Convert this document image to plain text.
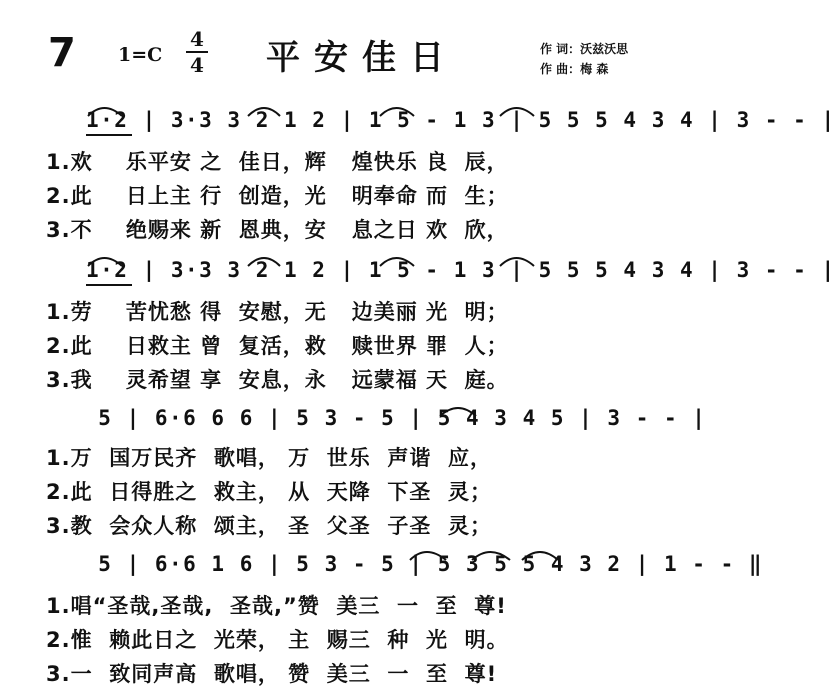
7 1=C
4
4 平安佳日	作 词：沃兹沃思
作 曲：梅 森
1·2 | 3·3 3 2 1 2 | 1 5 - 1 3 | 5 5 5 4 3 4 | 3 - - |
1.欢    乐平安 之  佳日，辉   煌快乐 良  辰，
2.此    日上主 行  创造，光   明奉命 而  生；
3.不    绝赐来 新  恩典，安   息之日 欢  欣，
1·2 | 3·3 3 2 1 2 | 1 5 - 1 3 | 5 5 5 4 3 4 | 3 - - |
1.劳    苦忧愁 得  安慰，无   边美丽 光  明；
2.此    日救主 曾  复活，救   赎世界 罪  人；
3.我    灵希望 享  安息，永   远蒙福 天  庭。
5 | 6·6 6 6 | 5 3 - 5 | 5 4 3 4 5 | 3 - - |
1.万  国万民齐  歌唱， 万  世乐  声谐  应，
2.此  日得胜之  救主， 从  天降  下圣  灵；
3.教  会众人称  颂主， 圣  父圣  子圣  灵；
5 | 6·6 1 6 | 5 3 - 5 | 5 3 5 5 4 3 2 | 1 - - ‖
1.唱“圣哉,圣哉,  圣哉,”赞  美三  一  至  尊!
2.惟  赖此日之  光荣， 主  赐三  种  光  明。
3.一  致同声高  歌唱， 赞  美三  一  至  尊!
